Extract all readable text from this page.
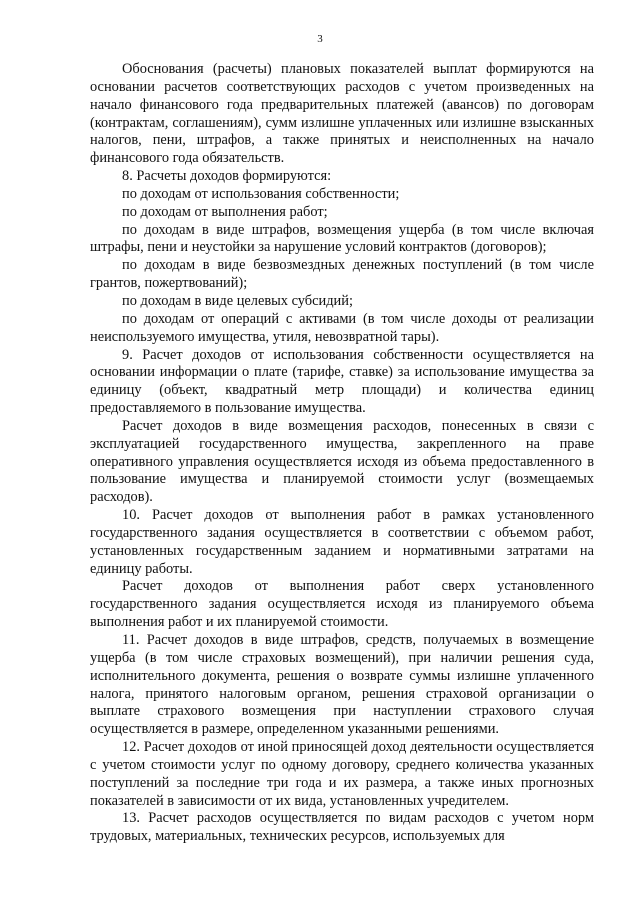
3

Обоснования (расчеты) плановых показателей выплат формируются на основании расчетов соответствующих расходов с учетом произведенных на начало финансового года предварительных платежей (авансов) по договорам (контрактам, соглашениям), сумм излишне уплаченных или излишне взысканных налогов, пени, штрафов, а также принятых и неисполненных на начало финансового года обязательств.

8. Расчеты доходов формируются:

по доходам от использования собственности;

по доходам от выполнения работ;

по доходам в виде штрафов, возмещения ущерба (в том числе включая штрафы, пени и неустойки за нарушение условий контрактов (договоров);

по доходам в виде безвозмездных денежных поступлений (в том числе грантов, пожертвований);

по доходам в виде целевых субсидий;

по доходам от операций с активами (в том числе доходы от реализации неиспользуемого имущества, утиля, невозвратной тары).

9. Расчет доходов от использования собственности осуществляется на основании информации о плате (тарифе, ставке) за использование имущества за единицу (объект, квадратный метр площади) и количества единиц предоставляемого в пользование имущества.

Расчет доходов в виде возмещения расходов, понесенных в связи с эксплуатацией государственного имущества, закрепленного на праве оперативного управления осуществляется исходя из объема предоставленного в пользование имущества и планируемой стоимости услуг (возмещаемых расходов).

10. Расчет доходов от выполнения работ в рамках установленного государственного задания осуществляется в соответствии с объемом работ, установленных государственным заданием и нормативными затратами на единицу работы.

Расчет доходов от выполнения работ сверх установленного государственного задания осуществляется исходя из планируемого объема выполнения работ и их планируемой стоимости.

11. Расчет доходов в виде штрафов, средств, получаемых в возмещение ущерба (в том числе страховых возмещений), при наличии решения суда, исполнительного документа, решения о возврате суммы излишне уплаченного налога, принятого налоговым органом, решения страховой организации о выплате страхового возмещения при наступлении страхового случая осуществляется в размере, определенном указанными решениями.

12. Расчет доходов от иной приносящей доход деятельности осуществляется с учетом стоимости услуг по одному договору, среднего количества указанных поступлений за последние три года и их размера, а также иных прогнозных показателей в зависимости от их вида, установленных учредителем.

13. Расчет расходов осуществляется по видам расходов с учетом норм трудовых, материальных, технических ресурсов, используемых для
